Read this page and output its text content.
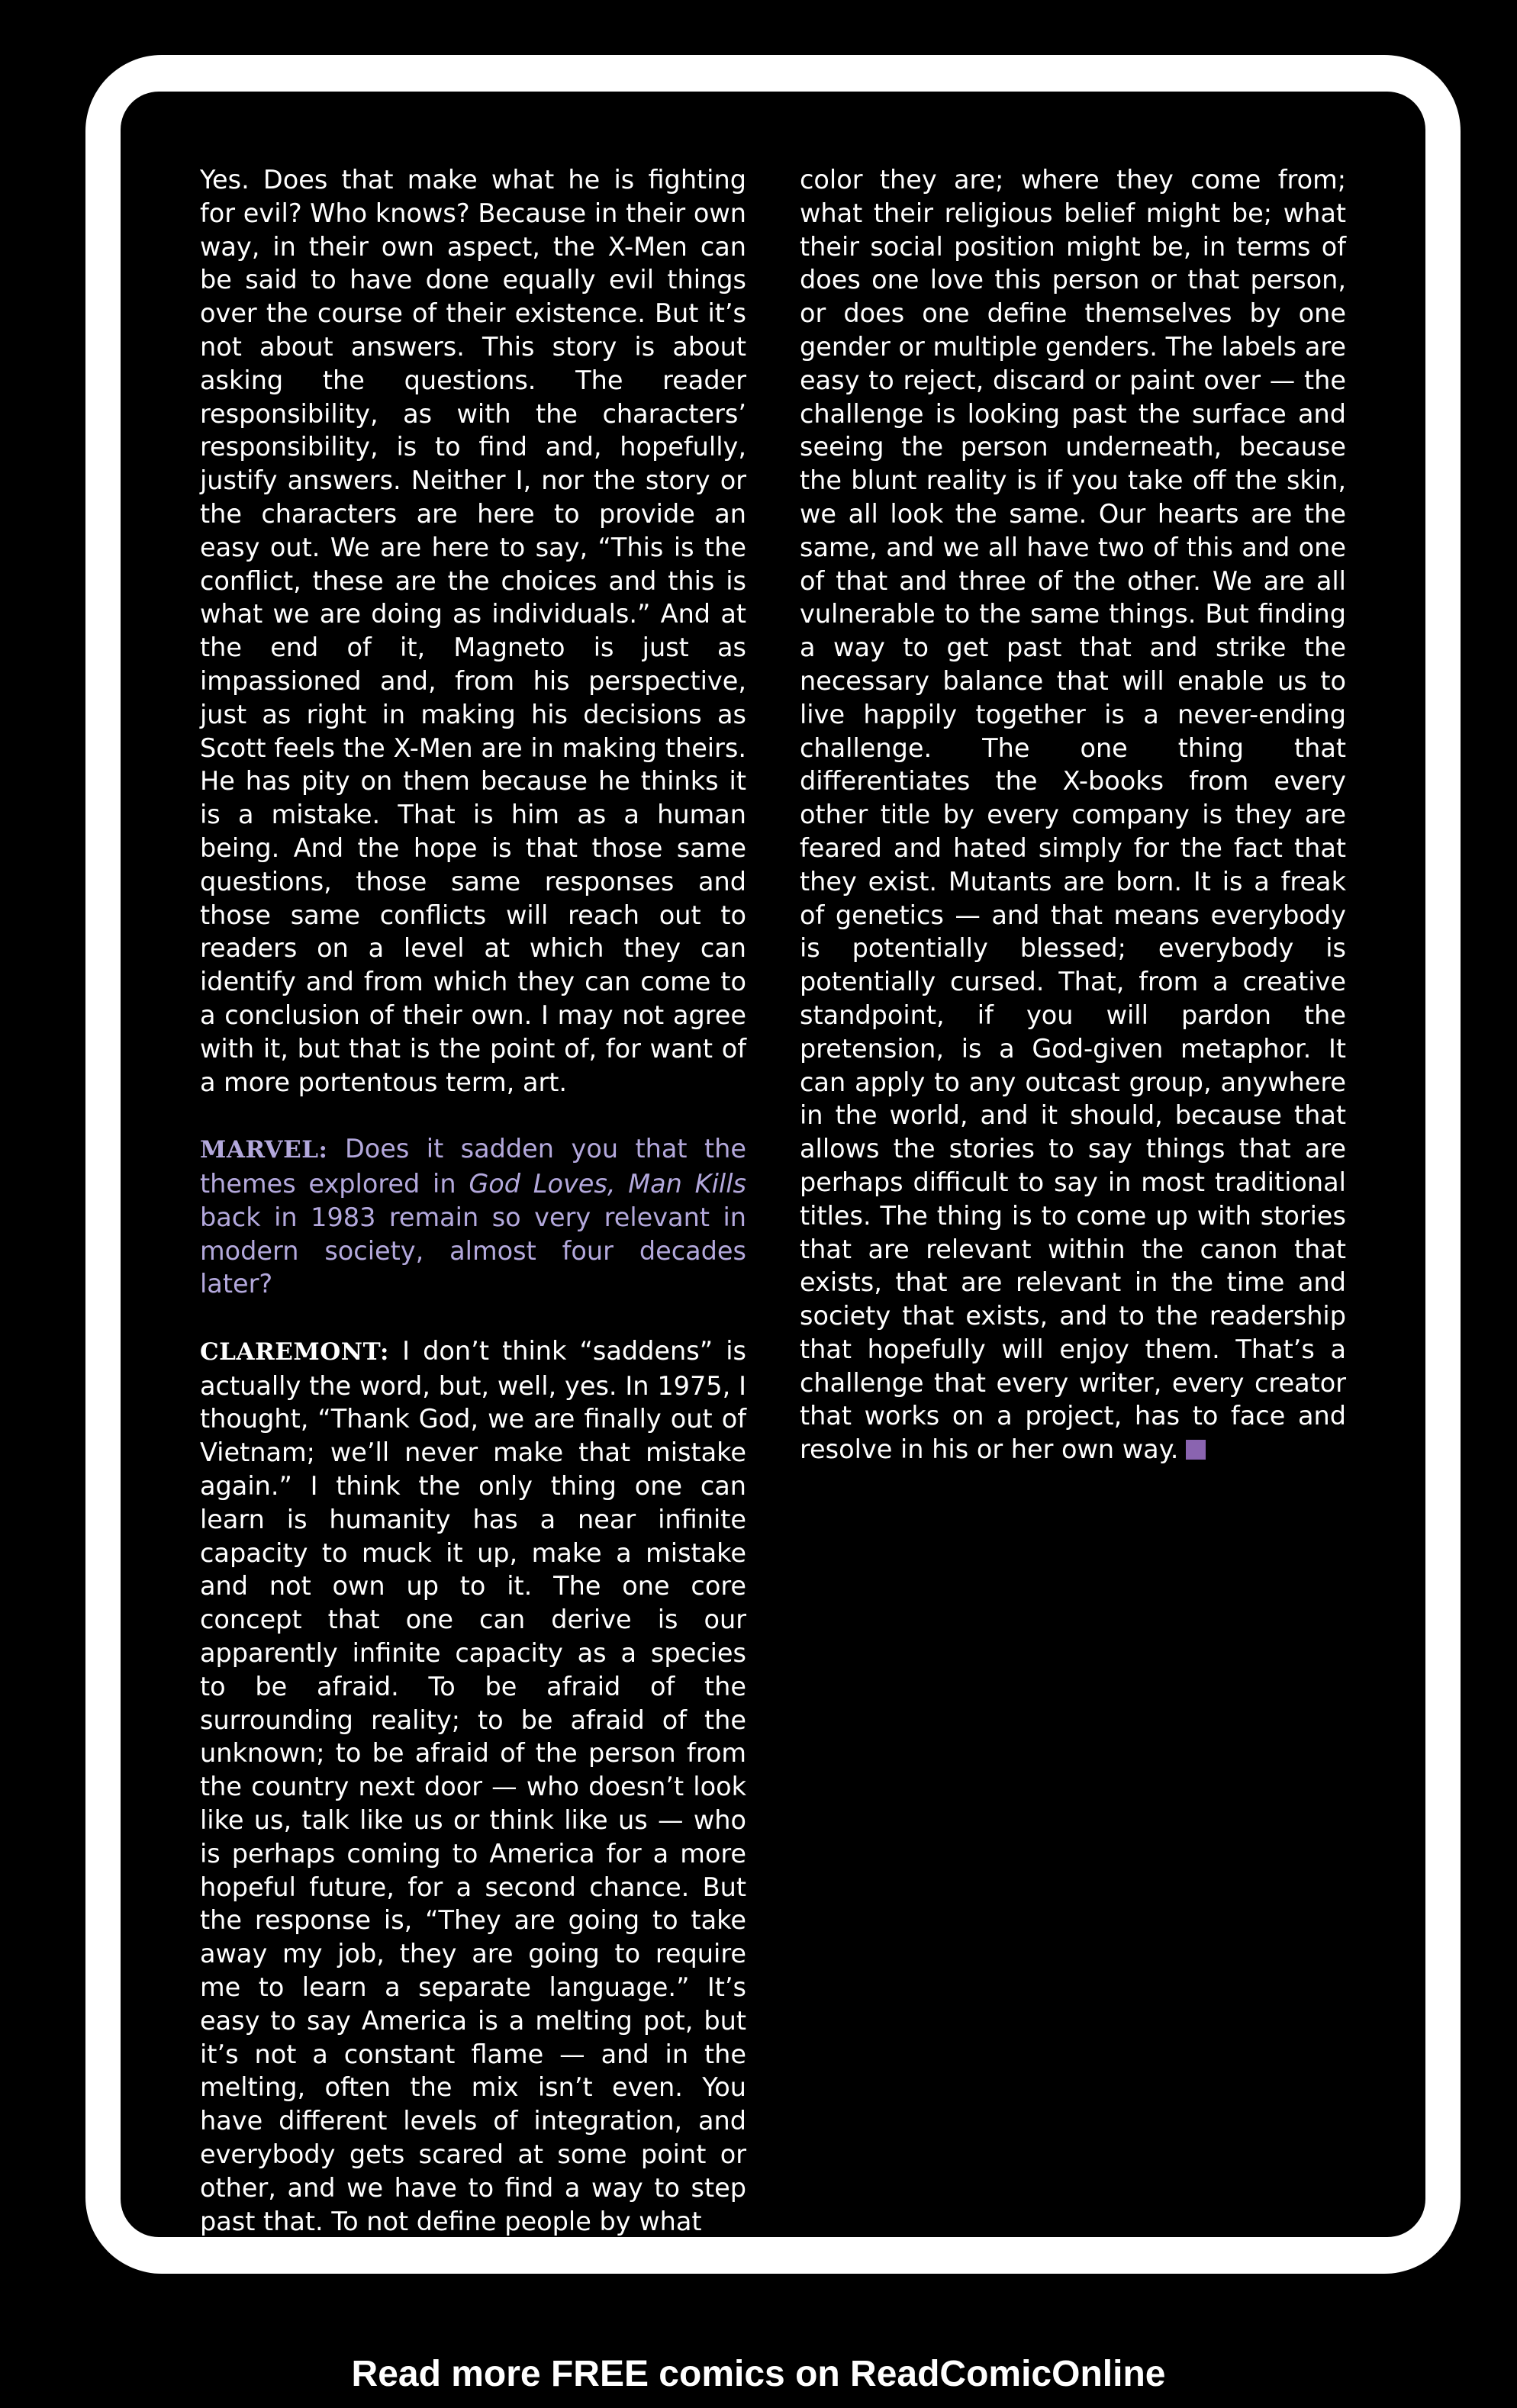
Yes. Does that make what he is fighting for evil? Who knows? Because in their own way, in their own aspect, the X-Men can be said to have done equally evil things over the course of their existence. But it’s not about answers. This story is about asking the questions. The reader responsibility, as with the characters’ responsibility, is to find and, hopefully, justify answers. Neither I, nor the story or the characters are here to provide an easy out. We are here to say, “This is the conflict, these are the choices and this is what we are doing as individuals.” And at the end of it, Magneto is just as impassioned and, from his perspective, just as right in making his decisions as Scott feels the X-Men are in making theirs. He has pity on them because he thinks it is a mistake. That is him as a human being. And the hope is that those same questions, those same responses and those same conflicts will reach out to readers on a level at which they can identify and from which they can come to a conclusion of their own. I may not agree with it, but that is the point of, for want of a more portentous term, art.

MARVEL: Does it sadden you that the themes explored in God Loves, Man Kills back in 1983 remain so very relevant in modern society, almost four decades later?

CLAREMONT: I don’t think “saddens” is actually the word, but, well, yes. In 1975, I thought, “Thank God, we are finally out of Vietnam; we’ll never make that mistake again.” I think the only thing one can learn is humanity has a near infinite capacity to muck it up, make a mistake and not own up to it. The one core concept that one can derive is our apparently infinite capacity as a species to be afraid. To be afraid of the surrounding reality; to be afraid of the unknown; to be afraid of the person from the country next door — who doesn’t look like us, talk like us or think like us — who is perhaps coming to America for a more hopeful future, for a second chance. But the response is, “They are going to take away my job, they are going to require me to learn a separate language.” It’s easy to say America is a melting pot, but it’s not a constant flame — and in the melting, often the mix isn’t even. You have different levels of integration, and everybody gets scared at some point or other, and we have to find a way to step past that. To not define people by what

color they are; where they come from; what their religious belief might be; what their social position might be, in terms of does one love this person or that person, or does one define themselves by one gender or multiple genders. The labels are easy to reject, discard or paint over — the challenge is looking past the surface and seeing the person underneath, because the blunt reality is if you take off the skin, we all look the same. Our hearts are the same, and we all have two of this and one of that and three of the other. We are all vulnerable to the same things. But finding a way to get past that and strike the necessary balance that will enable us to live happily together is a never-ending challenge. The one thing that differentiates the X-books from every other title by every company is they are feared and hated simply for the fact that they exist. Mutants are born. It is a freak of genetics — and that means everybody is potentially blessed; everybody is potentially cursed. That, from a creative standpoint, if you will pardon the pretension, is a God-given metaphor. It can apply to any outcast group, anywhere in the world, and it should, because that allows the stories to say things that are perhaps difficult to say in most traditional titles. The thing is to come up with stories that are relevant within the canon that exists, that are relevant in the time and society that exists, and to the readership that hopefully will enjoy them. That’s a challenge that every writer, every creator that works on a project, has to face and resolve in his or her own way.

Read more FREE comics on ReadComicOnline
